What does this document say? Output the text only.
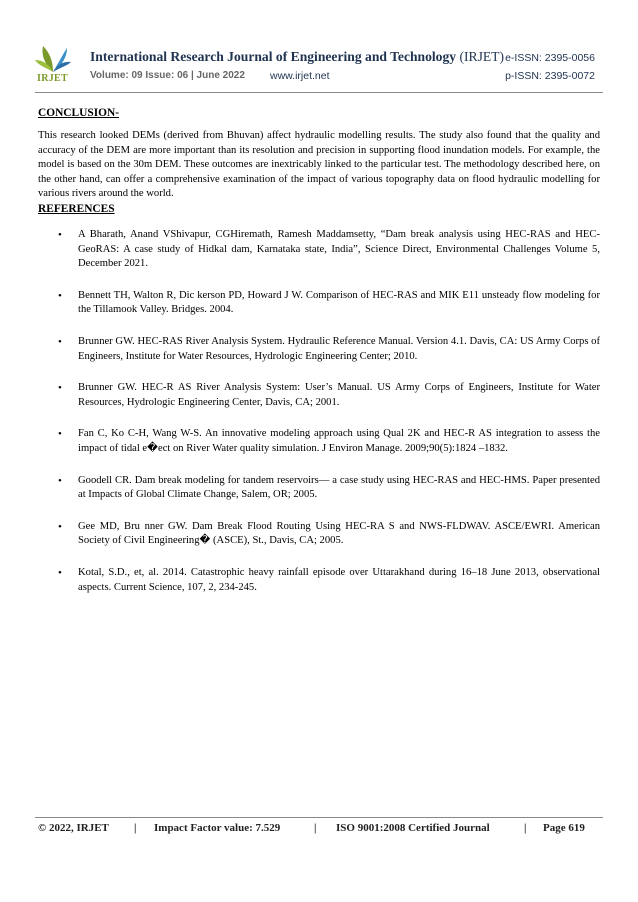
IRJET
International Research Journal of Engineering and Technology (IRJET) e-ISSN: 2395-0056
Volume: 09 Issue: 06 | June 2022 www.irjet.net	p-ISSN: 2395-0072
CONCLUSION-
This research looked DEMs (derived from Bhuvan) affect hydraulic modelling results. The study also found that the quality and accuracy of the DEM are more important than its resolution and precision in supporting flood inundation models. For example, the model is based on the 30m DEM. These outcomes are inextricably linked to the particular test. The methodology described here, on the other hand, can offer a comprehensive examination of the impact of various topography data on flood hydraulic modelling for various rivers around the world.
REFERENCES
• A Bharath, Anand VShivapur, CGHiremath, Ramesh Maddamsetty, “Dam break analysis using HEC-RAS and HEC-GeoRAS: A case study of Hidkal dam, Karnataka state, India”, Science Direct, Environmental Challenges Volume 5, December 2021.
• Bennett TH, Walton R, Dic kerson PD, Howard J W. Comparison of HEC-RAS and MIK E11 unsteady flow modeling for the Tillamook Valley. Bridges. 2004.
• Brunner GW. HEC-RAS River Analysis System. Hydraulic Reference Manual. Version 4.1. Davis, CA: US Army Corps of Engineers, Institute for Water Resources, Hydrologic Engineering Center; 2010.
• Brunner GW. HEC-R AS River Analysis System: User’s Manual. US Army Corps of Engineers, Institute for Water Resources, Hydrologic Engineering Center, Davis, CA; 2001.
• Fan C, Ko C-H, Wang W-S. An innovative modeling approach using Qual 2K and HEC-R AS integration to assess the impact of tidal e�ect on River Water quality simulation. J Environ Manage. 2009;90(5):1824 –1832.
• Goodell CR. Dam break modeling for tandem reservoirs— a case study using HEC-RAS and HEC-HMS. Paper presented at Impacts of Global Climate Change, Salem, OR; 2005.
• Gee MD, Bru nner GW. Dam Break Flood Routing Using HEC-RA S and NWS-FLDWAV. ASCE/EWRI. American Society of Civil Engineering� (ASCE), St., Davis, CA; 2005.
• Kotal, S.D., et, al. 2014. Catastrophic heavy rainfall episode over Uttarakhand during 16–18 June 2013, observational aspects. Current Science, 107, 2, 234-245.
© 2022, IRJET | Impact Factor value: 7.529	| ISO 9001:2008 Certified Journal	| Page 619
